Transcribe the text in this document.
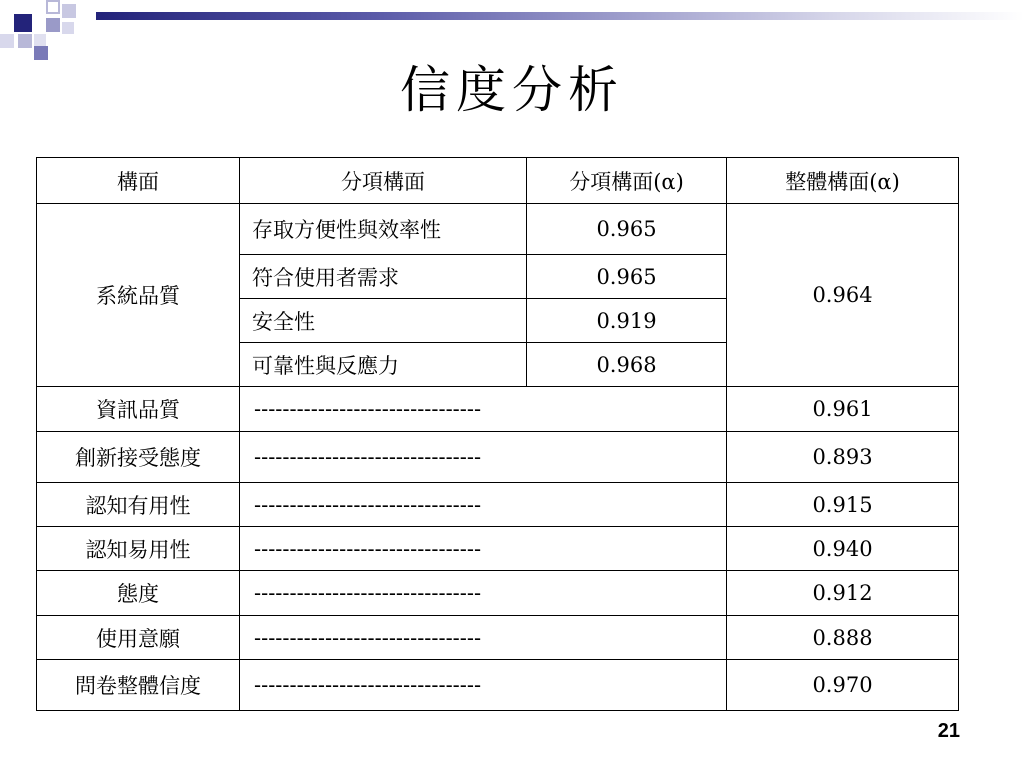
信度分析
構面	分項構面	分項構面(α)	整體構面(α)
系統品質	存取方便性與效率性	0.965	0.964
	符合使用者需求	0.965	
	安全性	0.919	
	可靠性與反應力	0.968	
資訊品質	--------------------------------		0.961
創新接受態度	--------------------------------		0.893
認知有用性	--------------------------------		0.915
認知易用性	--------------------------------		0.940
態度	--------------------------------		0.912
使用意願	--------------------------------		0.888
問卷整體信度	--------------------------------		0.970
21
